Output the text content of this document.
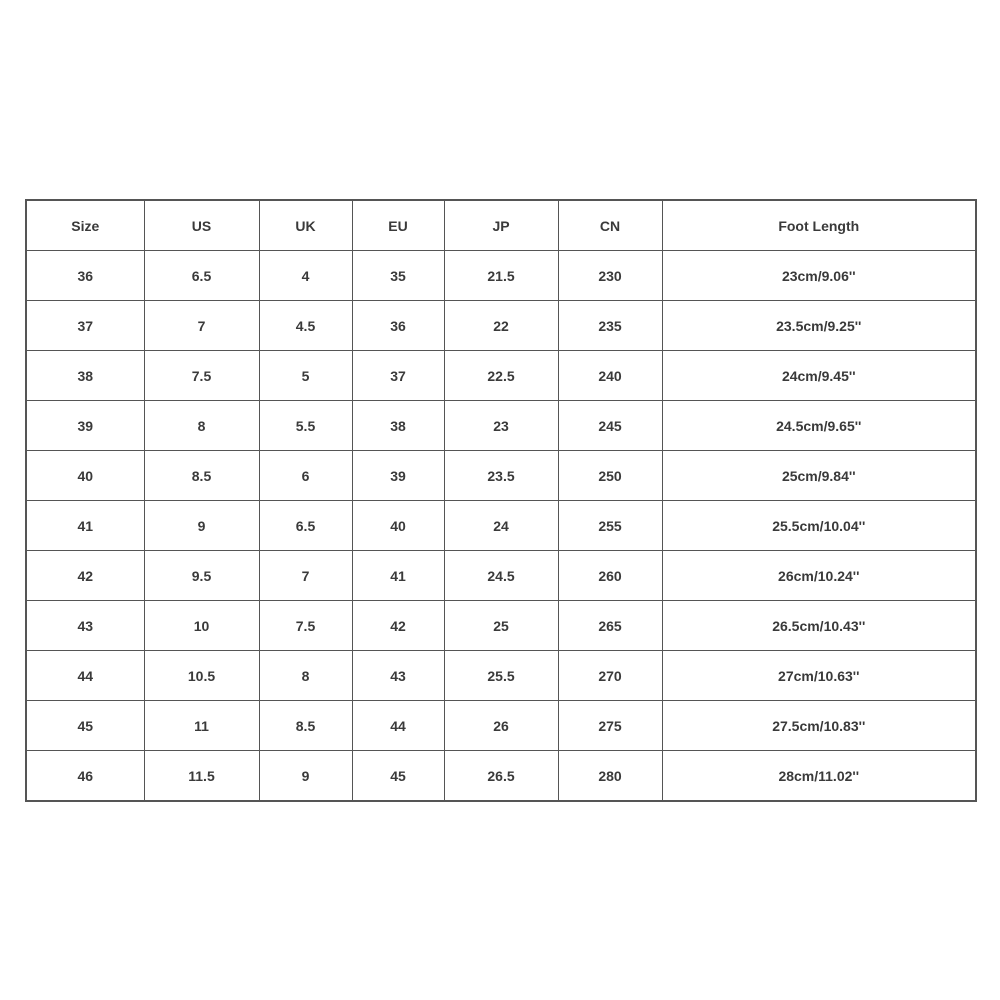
Size	US	UK	EU	JP	CN	Foot Length
36	6.5	4	35	21.5	230	23cm/9.06''
37	7	4.5	36	22	235	23.5cm/9.25''
38	7.5	5	37	22.5	240	24cm/9.45''
39	8	5.5	38	23	245	24.5cm/9.65''
40	8.5	6	39	23.5	250	25cm/9.84''
41	9	6.5	40	24	255	25.5cm/10.04''
42	9.5	7	41	24.5	260	26cm/10.24''
43	10	7.5	42	25	265	26.5cm/10.43''
44	10.5	8	43	25.5	270	27cm/10.63''
45	11	8.5	44	26	275	27.5cm/10.83''
46	11.5	9	45	26.5	280	28cm/11.02''
